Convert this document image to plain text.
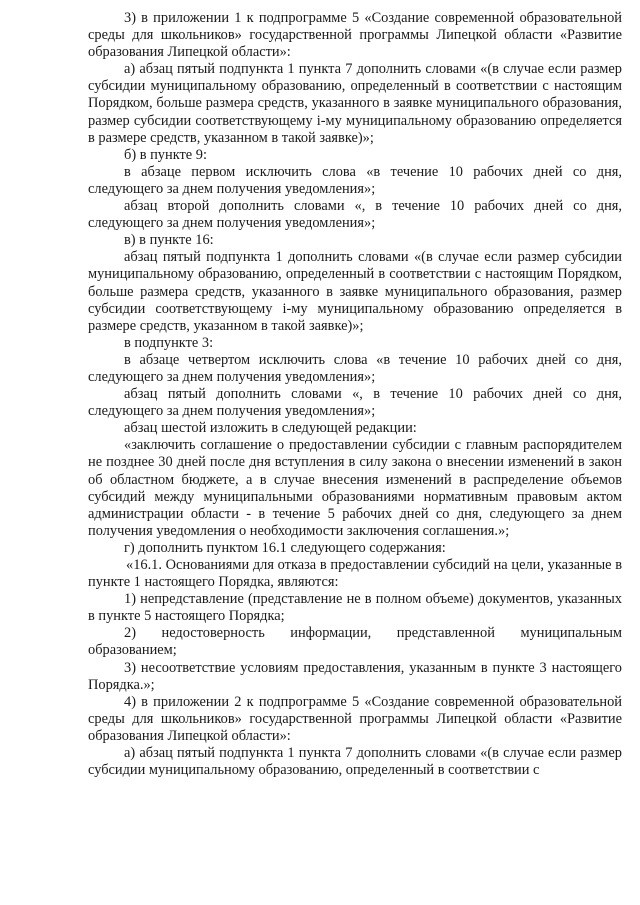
3) в приложении 1 к подпрограмме 5 «Создание современной образовательной среды для школьников» государственной программы Липецкой области «Развитие образования Липецкой области»:

а) абзац пятый подпункта 1 пункта 7 дополнить словами «(в случае если размер субсидии муниципальному образованию, определенный в соответствии с настоящим Порядком, больше размера средств, указанного в заявке муниципального образования, размер субсидии соответствующему i-му муниципальному образованию определяется в размере средств, указанном в такой заявке)»;

б) в пункте 9:

в абзаце первом исключить слова «в течение 10 рабочих дней со дня, следующего за днем получения уведомления»;

абзац второй дополнить словами «, в течение 10 рабочих дней со дня, следующего за днем получения уведомления»;

в) в пункте 16:

абзац пятый подпункта 1 дополнить словами «(в случае если размер субсидии муниципальному образованию, определенный в соответствии с настоящим Порядком, больше размера средств, указанного в заявке муниципального образования, размер субсидии соответствующему i-му муниципальному образованию определяется в размере средств, указанном в такой заявке)»;

в подпункте 3:

в абзаце четвертом исключить слова «в течение 10 рабочих дней со дня, следующего за днем получения уведомления»;

абзац пятый дополнить словами «, в течение 10 рабочих дней со дня, следующего за днем получения уведомления»;

абзац шестой изложить в следующей редакции:

«заключить соглашение о предоставлении субсидии с главным распорядителем не позднее 30 дней после дня вступления в силу закона о внесении изменений в закон об областном бюджете, а в случае внесения изменений в распределение объемов субсидий между муниципальными образованиями нормативным правовым актом администрации области - в течение 5 рабочих дней со дня, следующего за днем получения уведомления о необходимости заключения соглашения.»;

г) дополнить пунктом 16.1 следующего содержания:

«16.1. Основаниями для отказа в предоставлении субсидий на цели, указанные в пункте 1 настоящего Порядка, являются:

1) непредставление (представление не в полном объеме) документов, указанных в пункте 5 настоящего Порядка;

2) недостоверность информации, представленной муниципальным образованием;

3) несоответствие условиям предоставления, указанным в пункте 3 настоящего Порядка.»;

4) в приложении 2 к подпрограмме 5 «Создание современной образовательной среды для школьников» государственной программы Липецкой области «Развитие образования Липецкой области»:

а) абзац пятый подпункта 1 пункта 7 дополнить словами «(в случае если размер субсидии муниципальному образованию, определенный в соответствии с
